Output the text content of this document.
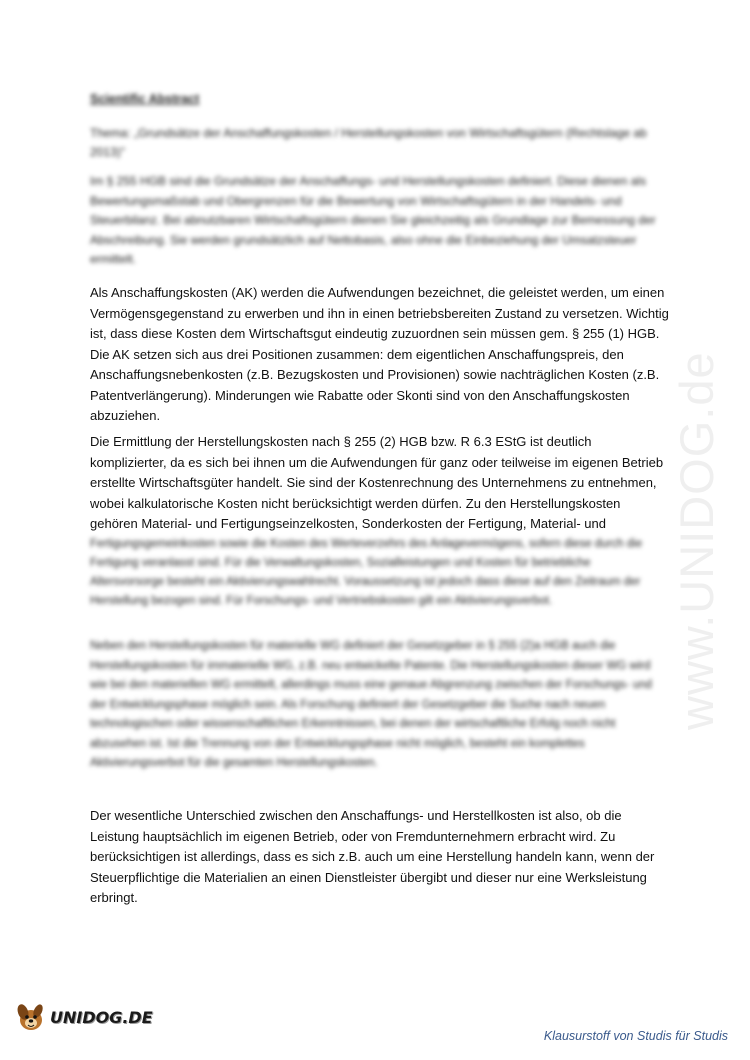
www.UNIDOG.de
Scientific Abstract
Thema: „Grundsätze der Anschaffungskosten / Herstellungskosten von Wirtschaftsgütern (Rechtslage ab 2013)"
Im § 255 HGB sind die Grundsätze der Anschaffungs- und Herstellungskosten definiert. Diese dienen als Bewertungsmaßstab und Obergrenzen für die Bewertung von Wirtschaftsgütern in der Handels- und Steuerbilanz. Bei abnutzbaren Wirtschaftsgütern dienen Sie gleichzeitig als Grundlage zur Bemessung der Abschreibung. Sie werden grundsätzlich auf Nettobasis, also ohne die Einbeziehung der Umsatzsteuer ermittelt.
Als Anschaffungskosten (AK) werden die Aufwendungen bezeichnet, die geleistet werden, um einen Vermögensgegenstand zu erwerben und ihn in einen betriebsbereiten Zustand zu versetzen. Wichtig ist, dass diese Kosten dem Wirtschaftsgut eindeutig zuzuordnen sein müssen gem. § 255 (1) HGB. Die AK setzen sich aus drei Positionen zusammen: dem eigentlichen Anschaffungspreis, den Anschaffungsnebenkosten (z.B. Bezugskosten und Provisionen) sowie nachträglichen Kosten (z.B. Patentverlängerung). Minderungen wie Rabatte oder Skonti sind von den Anschaffungskosten abzuziehen.
Die Ermittlung der Herstellungskosten nach § 255 (2) HGB bzw. R 6.3 EStG ist deutlich komplizierter, da es sich bei ihnen um die Aufwendungen für ganz oder teilweise im eigenen Betrieb erstellte Wirtschaftsgüter handelt. Sie sind der Kostenrechnung des Unternehmens zu entnehmen, wobei kalkulatorische Kosten nicht berücksichtigt werden dürfen. Zu den Herstellungskosten gehören Material- und Fertigungseinzelkosten, Sonderkosten der Fertigung, Material- und
Fertigungsgemeinkosten sowie die Kosten des Werteverzehrs des Anlagevermögens, sofern diese durch die Fertigung veranlasst sind. Für die Verwaltungskosten, Sozialleistungen und Kosten für betriebliche Altersvorsorge besteht ein Aktivierungswahlrecht. Voraussetzung ist jedoch dass diese auf den Zeitraum der Herstellung bezogen sind. Für Forschungs- und Vertriebskosten gilt ein Aktivierungsverbot.
Neben den Herstellungskosten für materielle WG definiert der Gesetzgeber in § 255 (2)a HGB auch die Herstellungskosten für immaterielle WG, z.B. neu entwickelte Patente. Die Herstellungskosten dieser WG wird wie bei den materiellen WG ermittelt, allerdings muss eine genaue Abgrenzung zwischen der Forschungs- und der Entwicklungsphase möglich sein. Als Forschung definiert der Gesetzgeber die Suche nach neuen technologischen oder wissenschaftlichen Erkenntnissen, bei denen der wirtschaftliche Erfolg noch nicht abzusehen ist. Ist die Trennung von der Entwicklungsphase nicht möglich, besteht ein komplettes Aktivierungsverbot für die gesamten Herstellungskosten.
Der wesentliche Unterschied zwischen den Anschaffungs- und Herstellkosten ist also, ob die Leistung hauptsächlich im eigenen Betrieb, oder von Fremdunternehmern erbracht wird. Zu berücksichtigen ist allerdings, dass es sich z.B. auch um eine Herstellung handeln kann, wenn der Steuerpflichtige die Materialien an einen Dienstleister übergibt und dieser nur eine Werksleistung erbringt.
UNIDOG.DE
Klausurstoff von Studis für Studis
